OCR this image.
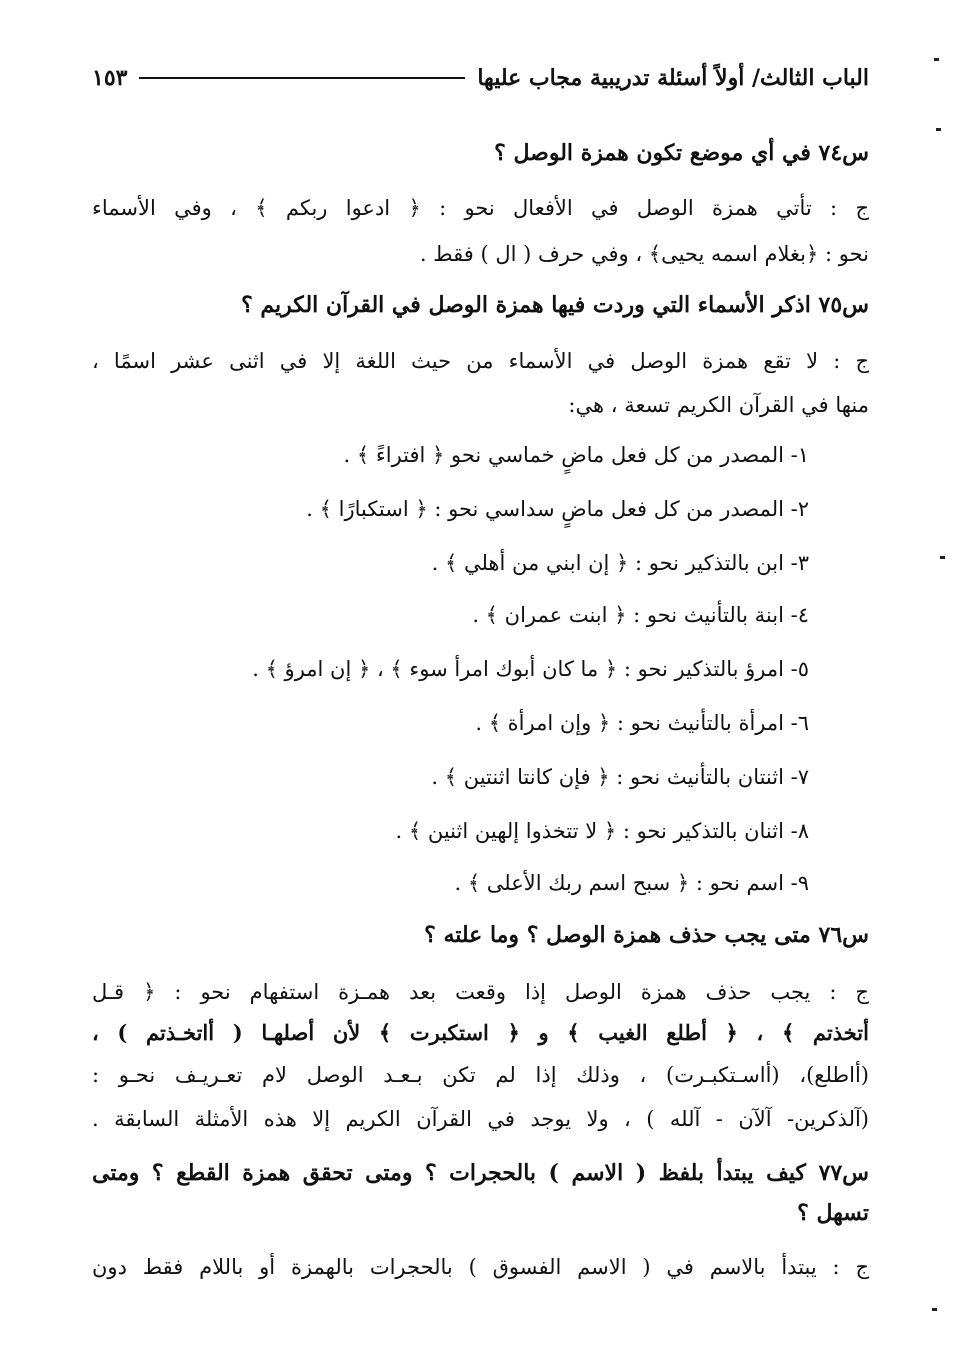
الباب الثالث/ أولاً أسئلة تدريبية مجاب عليها
١٥٣
س٧٤ في أي موضع تكون همزة الوصل ؟
ج : تأتي همزة الوصل في الأفعال نحو : ﴿ ادعوا ربكم ﴾ ، وفي الأسماء
نحو : ﴿بغلام اسمه يحيى﴾ ، وفي حرف ( ال ) فقط .
س٧٥ اذكر الأسماء التي وردت فيها همزة الوصل في القرآن الكريم ؟
ج : لا تقع همزة الوصل في الأسماء من حيث اللغة إلا في اثنى عشر اسمًا ،
منها في القرآن الكريم تسعة ، هي:
١- المصدر من كل فعل ماضٍ خماسي نحو ﴿ افتراءً ﴾ .
٢- المصدر من كل فعل ماضٍ سداسي نحو : ﴿ استكبارًا ﴾ .
٣- ابن بالتذكير نحو : ﴿ إن ابني من أهلي ﴾ .
٤- ابنة بالتأنيث نحو : ﴿ ابنت عمران ﴾ .
٥- امرؤ بالتذكير نحو : ﴿ ما كان أبوك امرأ سوء ﴾ ، ﴿ إن امرؤ ﴾ .
٦- امرأة بالتأنيث نحو : ﴿ وإن امرأة ﴾ .
٧- اثنتان بالتأنيث نحو : ﴿ فإن كانتا اثنتين ﴾ .
٨- اثنان بالتذكير نحو : ﴿ لا تتخذوا إلهين اثنين ﴾ .
٩- اسم نحو : ﴿ سبح اسم ربك الأعلى ﴾ .
س٧٦ متى يجب حذف همزة الوصل ؟ وما علته ؟
ج : يجب حذف همزة الوصل إذا وقعت بعد همـزة استفهام نحو : ﴿ قـل
أتخذتم ﴾ ، ﴿ أطلع الغيب ﴾ و ﴿ استكبرت ﴾ لأن أصلهـا ( أاتخـذتم ) ،
(أاطلع)، (أاسـتكبـرت) ، وذلك إذا لم تكن بـعـد الوصل لام تعـريـف نحـو :
(آلذكرين- آلآن - آلله ) ، ولا يوجد في القرآن الكريم إلا هذه الأمثلة السابقة .
س٧٧ كيف يبتدأ بلفظ ( الاسم ) بالحجرات ؟ ومتى تحقق همزة القطع ؟ ومتى
تسهل ؟
ج : يبتدأ بالاسم في ( الاسم الفسوق ) بالحجرات بالهمزة أو باللام فقط دون
